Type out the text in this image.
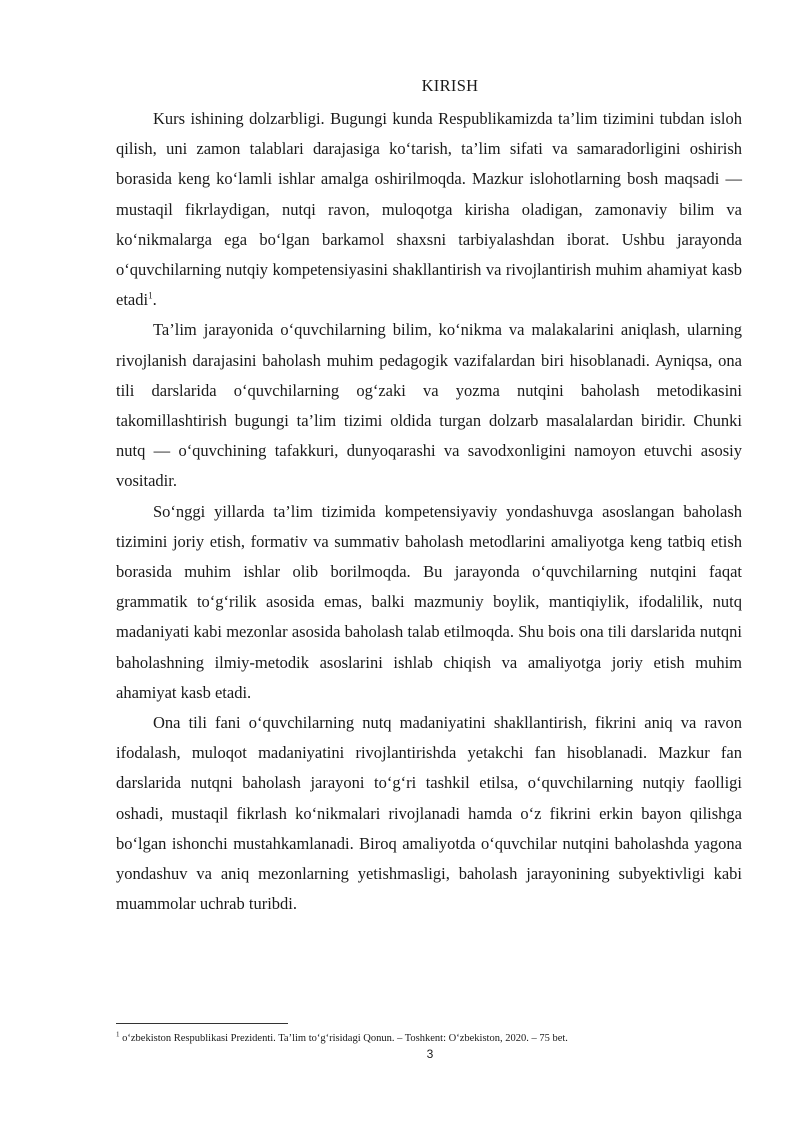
KIRISH

Kurs ishining dolzarbligi. Bugungi kunda Respublikamizda ta’lim tizimini tubdan isloh qilish, uni zamon talablari darajasiga ko‘tarish, ta’lim sifati va samaradorligini oshirish borasida keng ko‘lamli ishlar amalga oshirilmoqda. Mazkur islohotlarning bosh maqsadi — mustaqil fikrlaydigan, nutqi ravon, muloqotga kirisha oladigan, zamonaviy bilim va ko‘nikmalarga ega bo‘lgan barkamol shaxsni tarbiyalashdan iborat. Ushbu jarayonda o‘quvchilarning nutqiy kompetensiyasini shakllantirish va rivojlantirish muhim ahamiyat kasb etadi$^1$.

Ta’lim jarayonida o‘quvchilarning bilim, ko‘nikma va malakalarini aniqlash, ularning rivojlanish darajasini baholash muhim pedagogik vazifalardan biri hisoblanadi. Ayniqsa, ona tili darslarida o‘quvchilarning og‘zaki va yozma nutqini baholash metodikasini takomillashtirish bugungi ta’lim tizimi oldida turgan dolzarb masalalardan biridir. Chunki nutq — o‘quvchining tafakkuri, dunyoqarashi va savodxonligini namoyon etuvchi asosiy vositadir.

So‘nggi yillarda ta’lim tizimida kompetensiyaviy yondashuvga asoslangan baholash tizimini joriy etish, formativ va summativ baholash metodlarini amaliyotga keng tatbiq etish borasida muhim ishlar olib borilmoqda. Bu jarayonda o‘quvchilarning nutqini faqat grammatik to‘g‘rilik asosida emas, balki mazmuniy boylik, mantiqiylik, ifodalilik, nutq madaniyati kabi mezonlar asosida baholash talab etilmoqda. Shu bois ona tili darslarida nutqni baholashning ilmiy-metodik asoslarini ishlab chiqish va amaliyotga joriy etish muhim ahamiyat kasb etadi.

Ona tili fani o‘quvchilarning nutq madaniyatini shakllantirish, fikrini aniq va ravon ifodalash, muloqot madaniyatini rivojlantirishda yetakchi fan hisoblanadi. Mazkur fan darslarida nutqni baholash jarayoni to‘g‘ri tashkil etilsa, o‘quvchilarning nutqiy faolligi oshadi, mustaqil fikrlash ko‘nikmalari rivojlanadi hamda o‘z fikrini erkin bayon qilishga bo‘lgan ishonchi mustahkamlanadi. Biroq amaliyotda o‘quvchilar nutqini baholashda yagona yondashuv va aniq mezonlarning yetishmasligi, baholash jarayonining subyektivligi kabi muammolar uchrab turibdi.

$^1$ o‘zbekiston Respublikasi Prezidenti. Ta’lim to‘g‘risidagi Qonun. – Toshkent: O‘zbekiston, 2020. – 75 bet.
3
